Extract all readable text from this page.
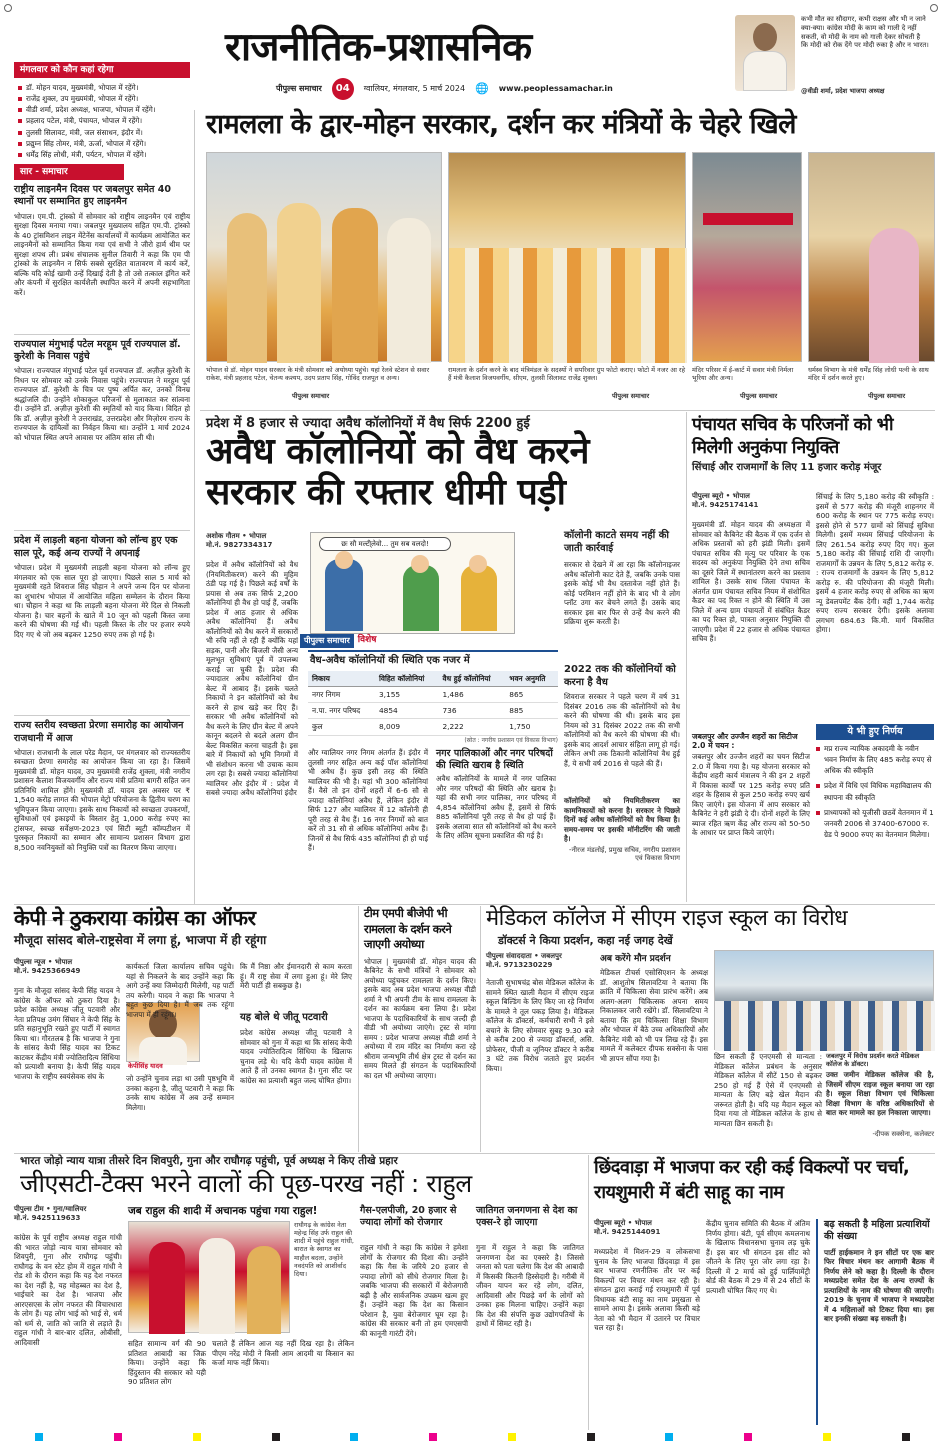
राजनीतिक-प्रशासनिक
पीपुल्स समाचार	04	ग्वालियर, मंगलवार, 5 मार्च 2024 🌐 www.peoplessamachar.in
कभी मौत का सौदागर, कभी राक्षस और भी न जाने क्या-क्या। कांग्रेस मोदी के काम को गाली दे नहीं सकती, वो मोदी के नाम को गाली देकर सोचती है कि मोदी को रोक देंगे पर मोदी रुका है और न भारत।
@वीडी शर्मा, प्रदेश भाजपा अध्यक्ष
मंगलवार को कौन कहां रहेगा
डॉ. मोहन यादव, मुख्यमंत्री, भोपाल में रहेंगे।
राजेंद्र शुक्ल, उप मुख्यमंत्री, भोपाल में रहेंगे।
वीडी शर्मा, प्रदेश अध्यक्ष, भाजपा, भोपाल में रहेंगे।
प्रहलाद पटेल, मंत्री, पंचायत, भोपाल में रहेंगे।
तुलसी सिलावट, मंत्री, जल संसाधन, इंदौर में।
प्रद्युम्न सिंह तोमर, मंत्री, ऊर्जा, भोपाल में रहेंगे।
धर्मेंद्र सिंह लोधी, मंत्री, पर्यटन, भोपाल में रहेंगे।
सार - समाचार
राष्ट्रीय लाइनमैन दिवस पर जबलपुर समेत 40 स्थानों पर सम्मानित हुए लाइनमैन
भोपाल। एम.पी. ट्रांस्को में सोमवार को राष्ट्रीय लाइनमैन एवं राष्ट्रीय सुरक्षा दिवस मनाया गया। जबलपुर मुख्यालय सहित एम.पी. ट्रांस्को के 40 ट्रांसमिशन लाइन मेंटेनेंस कार्यालयों में कार्यक्रम आयोजित कर लाइनमैनों को सम्मानित किया गया एवं सभी ने जीरो हार्म थीम पर सुरक्षा शपथ ली। प्रबंध संचालक सुनील तिवारी ने कहा कि एम पी ट्रांस्को के लाइनमैन न सिर्फ सबसे सुरक्षित वातावरण में कार्य करें, बल्कि यदि कोई खामी उन्हें दिखाई देती है तो उसे तत्काल इंगित करें और कंपनी में सुरक्षित कार्यशैली स्थापित करने में अपनी सहभागिता करें।
राज्यपाल मंगुभाई पटेल मरहूम पूर्व राज्यपाल डॉ. कुरेशी के निवास पहुंचे
भोपाल। राज्यपाल मंगुभाई पटेल पूर्व राज्यपाल डॉ. अज़ीज़ कुरेशी के निधन पर सोमवार को उनके निवास पहुंचे। राज्यपाल ने मरहूम पूर्व राज्यपाल डॉ. कुरेशी के चित्र पर पुष्प अर्पित कर, उनको विनम्र श्रद्धांजलि दी। उन्होंने शोकाकुल परिजनों से मुलाकात कर सांत्वना दी। उन्होंने डॉ. अज़ीज़ कुरेशी की स्मृतियों को याद किया। विदित हो कि डॉ. अज़ीज़ कुरेशी ने उत्तराखंड, उत्तरप्रदेश और मिज़ोरम राज्य के राज्यपाल के दायित्वों का निर्वहन किया था। उन्होंने 1 मार्च 2024 को भोपाल स्थित अपने आवास पर अंतिम सांस ली थी।
प्रदेश में लाड़ली बहना योजना को लॉन्च हुए एक साल पूरे, कई अन्य राज्यों ने अपनाई
भोपाल। प्रदेश में मुख्यमंत्री लाड़ली बहना योजना को लॉन्च हुए मंगलवार को एक साल पूरा हो जाएगा। पिछले साल 5 मार्च को मुख्यमंत्री रहते शिवराज सिंह चौहान ने अपने जन्म दिन पर योजना का शुभारंभ भोपाल में आयोजित महिला सम्मेलन के दौरान किया था। चौहान ने कहा था कि लाड़ली बहना योजना मेरे दिल से निकली योजना है। चार बहनों के खाते में 10 जून को पहली किस्त जमा करने की घोषणा की गई थी। पहली किस्त के तौर पर हजार रुपये दिए गए थे जो अब बढ़कर 1250 रुपए तक हो गई है।
राज्य स्तरीय स्वच्छता प्रेरणा समारोह का आयोजन राजधानी में आज
भोपाल। राजधानी के लाल परेड मैदान, पर मंगलवार को राज्यस्तरीय स्वच्छता प्रेरणा समारोह का आयोजन किया जा रहा है। जिसमें मुख्यमंत्री डॉ. मोहन यादव, उप मुख्यमंत्री राजेंद्र शुक्ला, मंत्री नगरीय प्रशासन कैलाश विजयवर्गीय और राज्य मंत्री प्रतिमा बागरी सहित जन प्रतिनिधि शामिल होंगे। मुख्यमंत्री डॉ. यादव इस अवसर पर ₹ 1,540 करोड़ लागत की भोपाल मेट्रो परियोजना के द्वितीय चरण का भूमिपूजन किया जाएगा। इसके साथ निकायों को स्वच्छता उपकरणों, सुविधाओं एवं इकाइयों के विस्तार हेतु 1,000 करोड़ रुपए का ट्रांसफर, स्वच्छ सर्वेक्षण-2023 एवं सिटी ब्यूटी कॉम्पटीशन में पुरस्कृत निकायों का सम्मान और सामान्य प्रशासन विभाग द्वारा 8,500 नवनियुक्तों को नियुक्ति पत्रों का वितरण किया जाएगा।
रामलला के द्वार-मोहन सरकार, दर्शन कर मंत्रियों के चेहरे खिले
भोपाल से डॉ. मोहन यादव सरकार के मंत्री सोमवार को अयोध्या पहुंचे। यहां रेलवे स्टेशन से सवार राकेश, मंत्री प्रहलाद पटेल, चेतन्य कश्यप, उदय प्रताप सिंह, गोविंद राजपूत व अन्य।
रामलला के दर्शन करने के बाद मंत्रिमंडल के सदस्यों ने सपरिवार ग्रुप फोटो कराए। फोटो में नजर आ रहे हैं मंत्री कैलाश विजयवर्गीय, सीएम, तुलसी सिलावट राजेंद्र शुक्ल।
मंदिर परिसर में ई-कार्ट में सवार मंत्री निर्मला भूरिया और अन्य।
धर्मस्व विभाग के मंत्री धर्मेंद्र सिंह लोधी पत्नी के साथ मंदिर में दर्शन करते हुए।
पीपुल्स समाचार	पीपुल्स समाचार	पीपुल्स समाचार	पीपुल्स समाचार
प्रदेश में 8 हजार से ज्यादा अवैध कॉलोनियों में वैध सिर्फ 2200 हुई
अवैध कॉलोनियों को वैध करने
सरकार की रफ्तार धीमी पड़ी
अशोक गौतम • भोपाल
मो.नं. 9827334317
प्रदेश में अवैध कॉलोनियों को वैध (नियमितीकरण) करने की मुहिम ठंडी पड़ गई है। पिछले कई वर्षों के प्रयास से अब तक सिर्फ 2,200 कॉलोनियां ही वैध हो पाई हैं, जबकि प्रदेश में आठ हजार से अधिक अवैध कॉलोनियां हैं। अवैध कॉलोनियों को वैध करने में सरकारों भी रुचि नहीं ले रही हैं क्योंकि यहां सड़क, पानी और बिजली जैसी अन्य मूलभूत सुविधाएं पूर्व में उपलब्ध कराई जा चुकी हैं। प्रदेश की ज्यादातर अवैध कॉलोनियां ग्रीन बेल्ट में आबाद हैं। इसके चलते निकायों ने इन कॉलोनियों को वैध करने से हाथ खड़े कर दिए हैं। सरकार भी अवैध कॉलोनियों को वैध करने के लिए ग्रीन बेल्ट में अपने कानून बदलने से बदले अलग ग्रीन बेल्ट विकसित करना चाहती है। इस बारे में निकायों को भूमि निगमों में भी संशोधन करना भी उचाक काम लग रहा है। सबसे ज्यादा कॉलोनियां ग्वालियर और इंदौर में : प्रदेश में सबसे ज्यादा अवैध कॉलोनियां इंदौर
छः सौ मल्टी्लेवो... तुम सब वलदो!
पीपुल्स समाचार विशेष
वैध-अवैध कॉलोनियों की स्थिति एक नजर में
निकाय	विहित कॉलोनियां	वैध हुई कॉलोनियां	भवन अनुमति
नगर निगम	3,155	1,486	865
न.पा. नगर परिषद	4854	736	885
कुल	8,009	2,222	1,750
(स्रोत : नगरीय प्रशासन एवं विकास विभाग)
और ग्वालियर नगर निगम अंतर्गत हैं। इंदौर में तुलसी नगर सहित अन्य कई पॉश कॉलोनियां भी अवैध हैं। कुछ इसी तरह की स्थिति ग्वालियर की भी है। यहां भी 300 कॉलोनियां हैं। वैसे तो इन दोनों शहरों में 6-6 सौ से ज्यादा कॉलोनियां अवैध हैं, लेकिन इंदौर में सिर्फ 127 और ग्वालियर में 12 कॉलोनी ही पूरी तरह से वैध हैं। 16 नगर निगमों को बात करें तो 31 सौ से अधिक कॉलोनियां अवैध हैं। जिनमें से वैध सिर्फ 435 कॉलोनियां ही हो पाई हैं।
नगर पालिकाओं और नगर परिषदों की स्थिति खराब है स्थिति
अवैध कॉलोनियों के मामले में नगर पालिका और नगर परिषदों की स्थिति और खराब है। यहां की सभी नगर पालिका, नगर परिषद में 4,854 कॉलोनियां अवैध हैं, इसमें से सिर्फ 885 कॉलोनियां पूरी तरह से वैध हो पाई हैं। इसके अलावा सात सौ कॉलोनियों को वैध करने के लिए अंतिम सूचना प्रकाशित की गई है।
कॉलोनी काटते समय नहीं की जाती कार्रवाई
सरकार से देखने में आ रहा कि कॉलोनाइजर अवैध कॉलोनी काट देते हैं, जबकि उनके पास इसके कोई भी वैध दस्तावेज नहीं होते हैं। कोई परमिशन नहीं होने के बाद भी वे लोग प्लॉट उगा कर बेचने लगते हैं। उसके बाद सरकार इस बार फिर से उन्हें वैध करने की प्रक्रिया शुरू करती है।
2022 तक की कॉलोनियों को करना है वैध
शिवराज सरकार ने पहले चरण में वर्ष 31 दिसंबर 2016 तक की कॉलोनियों को वैध करने की घोषणा की थी। इसके बाद इस नियम को 31 दिसंबर 2022 तक की सभी कॉलोनियों को वैध करने की घोषणा की थी। इसके बाद आदर्श आचार संहिता लागू हो गई। लेकिन अभी तक ठिकानी कॉलोनियां वैध हुई हैं, ये सभी वर्ष 2016 से पहले की हैं।
कॉलोनियों को नियमितीकरण का कामनिकायों को करना है। सरकार ने पिछले दिनों कई अवैध कॉलोनियों को वैध किया है। समय-समय पर इसकी मॉनीटरिंग की जाती है।
-नीरज मंडलोई, प्रमुख सचिव, नगरीय प्रशासन एवं विकास विभाग
पंचायत सचिव के परिजनों को भी मिलेगी अनुकंपा नियुक्ति
सिंचाई और राजमार्गों के लिए 11 हजार करोड़ मंजूर
पीपुल्स ब्यूरो • भोपाल
मो.नं. 9425174141
मुख्यमंत्री डॉ. मोहन यादव की अध्यक्षता में सोमवार को कैबिनेट की बैठक में एक दर्जन से अधिक प्रस्तावों को हरी झंडी मिली। इसमें पंचायत सचिव की मृत्यु पर परिवार के एक सदस्य को अनुकंपा नियुक्ति देने तथा सचिव का दूसरे जिले में स्थानांतरण करने का प्रस्ताव शामिल है। उसके साथ जिला पंचायत के अंतर्गत ग्राम पंचायत सचिव नियम में संशोधित कैडर का पद रिक्त न होने की स्थिति में उस जिले में अन्य ग्राम पंचायतों में संबंधित कैडर का पद रिक्त हो, पात्रता अनुसार नियुक्ति दी जाएगी। प्रदेश में 22 हजार से अधिक पंचायत सचिव हैं।
जबलपुर और उज्जैन शहरों का सिटीज 2.0 में चयन :
जबलपुर और उज्जैन शहरों का चयन सिटीज 2.0 में किया गया है। यह योजना सरकार को केंद्रीय शहरी कार्य मंत्रालय ने की इन 2 शहरों में विकास कार्यों पर 125 करोड़ रुपए प्रति शहर के हिसाब से कुल 250 करोड़ रुपए खर्च किए जाएंगे। इस योजना में आप सरकार को कैबिनेट ने हरी झंडी दे दी। दोनों शहरों के लिए ब्याज रहित ऋण केंद्र और राज्य को 50-50 के आधार पर प्राप्त किये जाएंगे।
सिंचाई के लिए 5,180 करोड़ की स्वीकृति : इसमें से 577 करोड़ की मंजूरी शाहनगर में 600 करोड़ के स्थान पर 775 करोड़ रुपए। इससे होने से 577 ग्रामों को सिंचाई सुविधा मिलेगी। इसमें मध्यम सिंचाई परियोजना के लिए 261.54 करोड़ रुपए दिए गए। कुल 5,180 करोड़ की सिंचाई राशि दी जाएगी। राजमार्गों के उन्नयन के लिए 5,812 करोड़ रु. : राज्य राजमार्गों के उन्नयन के लिए 5,812 करोड़ रु. की परियोजना की मंजूरी मिली। इसमें 4 हजार करोड़ रुपए से अधिक का ऋण न्यू डेवलपमेंट बैंक देगी। वहीं 1,744 करोड़ रुपए राज्य सरकार देगी। इसके अलावा लगभग 684.63 कि.मी. मार्ग विकसित होगा।
ये भी हुए निर्णय
मप्र राज्य न्यायिक अकादमी के नवीन भवन निर्माण के लिए 485 करोड़ रुपए से अधिक की स्वीकृति
प्रदेश में विधि एवं विधिक महाविद्यालय की स्थापना की स्वीकृति
प्राध्यापकों को यूजीसी छठवें वेतनमान में 1 जनवरी 2006 से 37400-67000 रु. ग्रेड पे 9000 रुपए का वेतनमान मिलेगा।
केपी ने ठुकराया कांग्रेस का ऑफर
मौजूदा सांसद बोले-राष्ट्रसेवा में लगा हूं, भाजपा में ही रहूंगा
पीपुल्स न्यूज • भोपाल
मो.नं. 9425366949
गुना के मौजूदा सांसद केपी सिंह यादव ने कांग्रेस के ऑफर को ठुकरा दिया है। प्रदेश कांग्रेस अध्यक्ष जीतू पटवारी और नेता प्रतिपक्ष उमंग सिंघार ने केपी सिंह के प्रति सहानुभूति रखते हुए पार्टी में स्वागत किया था। गौरतलब है कि भाजपा ने गुना के सांसद केपी सिंह यादव का टिकट काटकर केंद्रीय मंत्री ज्योतिरादित्य सिंधिया को प्रत्याशी बनाया है। केपी सिंह यादव भाजपा के राष्ट्रीय स्वयंसेवक संघ के
केपीसिंह यादव
कार्यकर्ता जिला कार्यालय सचिव पहुंचे। यहां से निकलने के बाद उन्होंने कहा कि आगे उन्हें क्या जिम्मेदारी मिलेगी, यह पार्टी तय करेगी। यादव ने कहा कि भाजपा ने बहुत कुछ दिया है। मैं जब तक रहूंगा भाजपा में ही रहूंगा।
जो उन्होंने चुनाव लड़ा था उसी पृष्ठभूमि में उनका कहना है, जीतू पटवारी ने कहा कि उनके साथ कांग्रेस में अब उन्हें सम्मान मिलेगा।
कि मैं निष्ठा और ईमानदारी से काम करता हूं। मैं राष्ट्र सेवा में लगा हुआ हूं। मेरे लिए मेरी पार्टी ही सबकुछ है।
यह बोले थे जीतू पटवारी
प्रदेश कांग्रेस अध्यक्ष जीतू पटवारी ने सोमवार को गुना में कहा था कि सांसद केपी यादव ज्योतिरादित्य सिंधिया के खिलाफ चुनाव लड़े थे। यदि केपी यादव कांग्रेस में आते हैं तो उनका स्वागत है। गुना सीट पर कांग्रेस का प्रत्याशी बहुत जल्द घोषित होगा।
टीम एमपी बीजेपी भी रामलला के दर्शन करने जाएगी अयोध्या
भोपाल | मुख्यमंत्री डॉ. मोहन यादव की कैबिनेट के सभी मंत्रियों ने सोमवार को अयोध्या पहुंचकर रामलला के दर्शन किए। इसके बाद अब प्रदेश भाजपा अध्यक्ष वीडी शर्मा ने भी अपनी टीम के साथ रामलला के दर्शन का कार्यक्रम बना लिया है। प्रदेश भाजपा के पदाधिकारियों के साथ जल्दी ही वीडी भी अयोध्या जाएंगे। ट्रस्ट से मांगा समय : प्रदेश भाजपा अध्यक्ष वीडी शर्मा ने अयोध्या में राम मंदिर का निर्माण करा रहे श्रीराम जन्मभूमि तीर्थ क्षेत्र ट्रस्ट से दर्शन का समय मिलते ही संगठन के पदाधिकारियों का दल भी अयोध्या जाएगा।
मेडिकल कॉलेज में सीएम राइज स्कूल का विरोध
डॉक्टर्स ने किया प्रदर्शन, कहा नई जगह देखें
पीपुल्स संवाददाता • जबलपुर
मो.नं. 9713230229
नेताजी सुभाषचंद्र बोस मेडिकल कॉलेज के सामने स्थित खाली मैदान में सीएम राइज स्कूल बिल्डिंग के लिए किए जा रहे निर्माण के मामले ने तूल पकड़ लिया है। मेडिकल कॉलेज के डॉक्टर्स, कर्मचारी सभी ने इसे बचाने के लिए सोमवार सुबह 9.30 बजे से करीब 200 से ज्यादा डॉक्टर्स, असि. प्रोफेसर, पीजी व जूनियर डॉक्टर ने करीब 3 घंटे तक विरोध जताते हुए प्रदर्शन किया।
अब करेंगे मौन प्रदर्शन
मेडिकल टीचर्स एसोसिएशन के अध्यक्ष डॉ. आशुतोष सिलावटिया ने बताया कि क्रांति में चिकित्सा सेवा प्रारंभ करेंगे। अब अलग-अलग चिकित्सक अपना समय निकालकर जारी रखेंगे। डॉ. सिलावटिया ने बताया कि हम चिकित्सा शिक्षा विभाग और भोपाल में बैठे उच्च अधिकारियों और कैबिनेट मंत्री को भी पत्र लिख रहे हैं। इस मामले में कलेक्टर दीपक सक्सेना के पास भी ज्ञापन सौंपा गया है।	जबलपुर में विरोध प्रदर्शन करते मेडिकल कॉलेज के डॉक्टर।
छिन सकती हैं एनएमसी से मान्यता : मेडिकल कॉलेज प्रबंधन के अनुसार मेडिकल कॉलेज में सीटें 150 से बढ़कर 250 हो गई हैं ऐसे में एनएमसी से मान्यता के लिए बड़े खेल मैदान की जरूरत होती है। यदि यह मैदान स्कूल को दिया गया तो मेडिकल कॉलेज के हाथ से मान्यता छिन सकती है।
उक्त जमीन मेडिकल कॉलेज की है, जिसमें सीएम राइज स्कूल बनाया जा रहा है। स्कूल शिक्षा विभाग एवं चिकित्सा शिक्षा विभाग के वरिष्ठ अधिकारियों से बात कर मामले का हल निकाला जाएगा।
-दीपक सक्सेना, कलेक्टर
भारत जोड़ो न्याय यात्रा तीसरे दिन शिवपुरी, गुना और राघौगढ़ पहुंची, पूर्व अध्यक्ष ने किए तीखे प्रहार
जीएसटी-टैक्स भरने वालों की पूछ-परख नहीं : राहुल
पीपुल्स टीम • गुना/ग्वालियर
मो.नं. 9425119633
कांग्रेस के पूर्व राष्ट्रीय अध्यक्ष राहुल गांधी की भारत जोड़ो न्याय यात्रा सोमवार को शिवपुरी, गुना और राघौगढ़ पहुंची। राघौगढ़ के वन स्टेट होम में राहुल गांधी ने रोड शो के दौरान कहा कि यह देश नफरत का देश नहीं है, यह मोहब्बत का देश है, भाईचारे का देश है। भाजपा और आरएसएस के लोग नफरत की विचारधारा के लोग हैं। यह लोग भाई को भाई से, धर्म को धर्म से, जाति को जाति से लड़ाते हैं। राहुल गांधी ने बार-बार दलित, ओबीसी, आदिवासी
जब राहुल की शादी में अचानक पहुंचा गया राहुल!
राघौगढ़ के कांग्रेस नेता महेन्द्र सिंह उर्फ राहुल की शादी में पहुंचे राहुल गांधी, बारात के स्वागत का माहौल बदला, उन्होंने नवदंपति को आशीर्वाद दिया।
सहित सामान्य वर्ग की 90 प्रतिशत आबादी का जिक्र किया। उन्होंने कहा कि हिंदुस्तान की सरकार को यही 90 प्रतिशत लोग
चलाते हैं लेकिन आज यह नहीं दिख रहा है। लेकिन पीएम नरेंद्र मोदी ने किसी आम आदमी या किसान का कर्जा माफ नहीं किया।
गैस-एलपीजी, 20 हजार से ज्यादा लोगों को रोजगार
राहुल गांधी ने कहा कि कांग्रेस ने हमेशा लोगों के रोजगार की दिशा की। उन्होंने कहा कि गैस के जरिये 20 हजार से ज्यादा लोगों को सीधे रोजगार मिला है। जबकि भाजपा की सरकारों में बेरोजगारी बढ़ी है और सार्वजनिक उपक्रम खत्म हुए हैं। उन्होंने कहा कि देश का किसान परेशान है, युवा बेरोजगार घूम रहा है। कांग्रेस की सरकार बनी तो हम एमएसपी की कानूनी गारंटी देंगे।
जातिगत जनगणना से देश का एक्स-रे हो जाएगा
गुना में राहुल ने कहा कि जातिगत जनगणना देश का एक्सरे है। जिससे जनता को पता चलेगा कि देश की आबादी में किसकी कितनी हिस्सेदारी है। गरीबी में जीवन यापन कर रहे लोग, दलित, आदिवासी और पिछड़े वर्ग के लोगों को उनका हक मिलना चाहिए। उन्होंने कहा कि देश की संपत्ति कुछ उद्योगपतियों के हाथों में सिमट रही है।
छिंदवाड़ा में भाजपा कर रही कई विकल्पों पर चर्चा, रायशुमारी में बंटी साहू का नाम
पीपुल्स ब्यूरो • भोपाल
मो.नं. 9425144091
मध्यप्रदेश में मिशन-29 व लोकसभा चुनाव के लिए भाजपा छिंदवाड़ा में इस बार भाजपा रणनीतिक तौर पर कई विकल्पों पर विचार मंथन कर रही है। संगठन द्वारा कराई गई रायशुमारी में पूर्व विधायक बंटी साहू का नाम प्रमुखता से सामने आया है। इसके अलावा किसी बड़े नेता को भी मैदान में उतारने पर विचार चल रहा है।
केंद्रीय चुनाव समिति की बैठक में अंतिम निर्णय होगा। बंटी, पूर्व सीएम कमलनाथ के खिलाफ विधानसभा चुनाव लड़ चुके हैं। इस बार भी संगठन इस सीट को जीतने के लिए पूरा जोर लगा रहा है। दिल्ली में 2 मार्च को हुई पार्लियामेंट्री बोर्ड की बैठक में 29 में से 24 सीटों के प्रत्याशी घोषित किए गए थे।
बढ़ सकती है महिला प्रत्याशियों की संख्या
पार्टी हाईकमान ने इन सीटों पर एक बार फिर विचार मंथन कर आगामी बैठक में निर्णय लेने को कहा है। दिल्ली के दौरान मध्यप्रदेश समेत देश के अन्य राज्यों के प्रत्याशियों के नाम की घोषणा की जाएगी। 2019 के चुनाव में भाजपा ने मध्यप्रदेश में 4 महिलाओं को टिकट दिया था। इस बार इनकी संख्या बढ़ सकती है।
